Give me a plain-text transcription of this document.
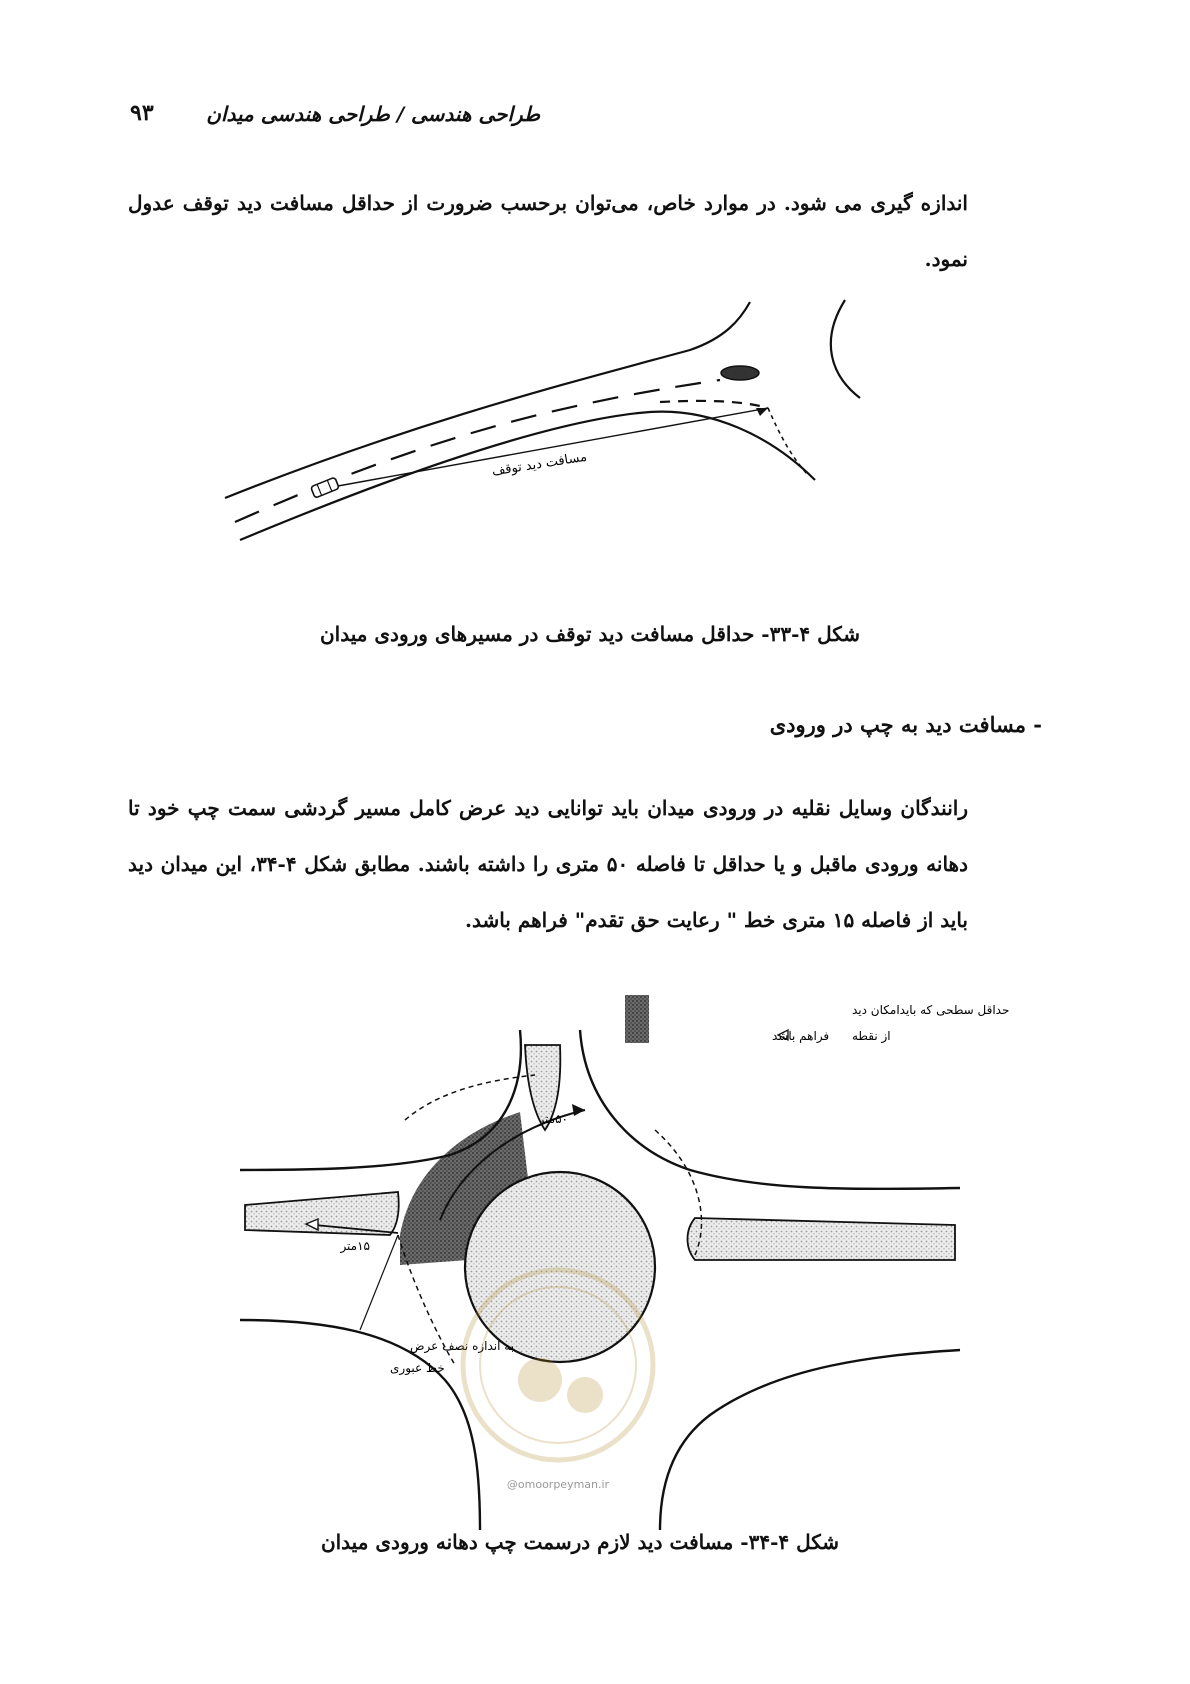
۹۳	طراحی هندسی / طراحی هندسی میدان
اندازه گیری می شود. در موارد خاص، می‌توان برحسب ضرورت از حداقل مسافت دید توقف عدول نمود.
مسافت دید توقف
شکل ۴-۳۳- حداقل مسافت دید توقف در مسیرهای ورودی میدان
- مسافت دید به چپ در ورودی
رانندگان وسایل نقلیه در ورودی میدان باید توانایی دید عرض کامل مسیر گردشی سمت چپ خود تا دهانه ورودی ماقبل و یا حداقل تا فاصله ۵۰ متری را داشته باشند. مطابق شکل ۴-۳۴، این میدان دید باید از فاصله ۱۵ متری خط " رعایت حق تقدم" فراهم باشد.
۵۰متر
۱۵متر
به اندازه نصف عرض
خط عبوری
حداقل سطحی که بایدامکان دید
از نقطه
فراهم باشد
@omoorpeyman.ir
شکل ۴-۳۴- مسافت دید لازم درسمت چپ دهانه ورودی میدان
